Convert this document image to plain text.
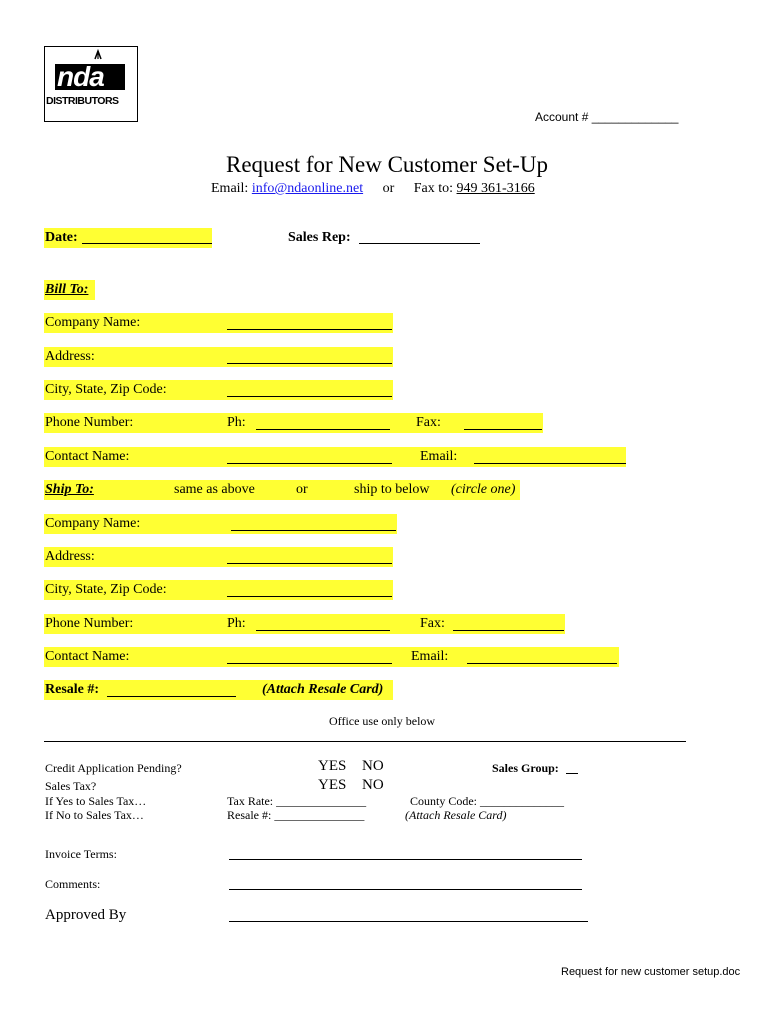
nda
DISTRIBUTORS
Account # _____________
Request for New Customer Set-Up
Email: info@ndaonline.net or Fax to: 949 361-3166
Date:	Sales Rep:
Bill To:
Company Name:
Address:
City, State, Zip Code:
Phone Number:	Ph:	Fax:
Contact Name:	Email:
Ship To:	same as above	or	ship to below (circle one)
Company Name:
Address:
City, State, Zip Code:
Phone Number:	Ph:	Fax:
Contact Name:	Email:
Resale #:	(Attach Resale Card)
Office use only below
Credit Application Pending?	YES NO	Sales Group:
Sales Tax?	YES NO
If Yes to Sales Tax…	Tax Rate: _______________	County Code: ______________
If No to Sales Tax…	Resale #: _______________	(Attach Resale Card)
Invoice Terms:
Comments:
Approved By
Request for new customer setup.doc
